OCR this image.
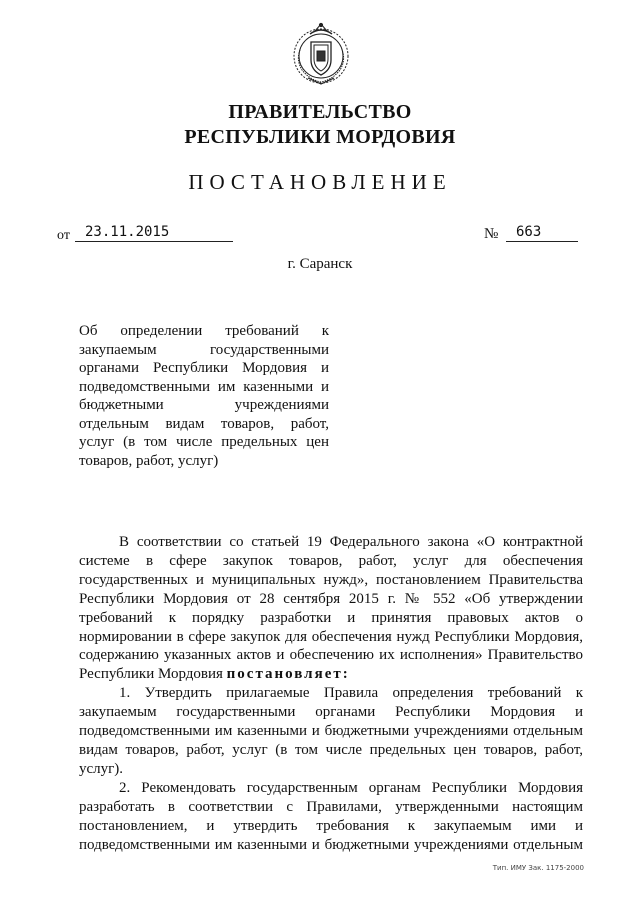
ПРАВИТЕЛЬСТВО
РЕСПУБЛИКИ МОРДОВИЯ
ПОСТАНОВЛЕНИЕ
от	23.11.2015	№	663
г. Саранск
Об определении требований к
закупаемым государственными
органами Республики Мордовия и
подведомственными им казенными и
бюджетными учреждениями
отдельным видам товаров, работ,
услуг (в том числе предельных цен
товаров, работ, услуг)
В соответствии со статьей 19 Федерального закона «О контрактной
системе в сфере закупок товаров, работ, услуг для обеспечения
государственных и муниципальных нужд», постановлением Правительства
Республики Мордовия от 28 сентября 2015 г. № 552 «Об утверждении
требований к порядку разработки и принятия правовых актов о
нормировании в сфере закупок для обеспечения нужд Республики Мордовия,
содержанию указанных актов и обеспечению их исполнения» Правительство
Республики Мордовия постановляет:
1. Утвердить прилагаемые Правила определения требований к
закупаемым государственными органами Республики Мордовия и
подведомственными им казенными и бюджетными учреждениями отдельным
видам товаров, работ, услуг (в том числе предельных цен товаров, работ,
услуг).
2. Рекомендовать государственным органам Республики Мордовия
разработать в соответствии с Правилами, утвержденными настоящим
постановлением, и утвердить требования к закупаемым ими и
подведомственными им казенными и бюджетными учреждениями отдельным
Тип. ИМУ Зак. 1175-2000
